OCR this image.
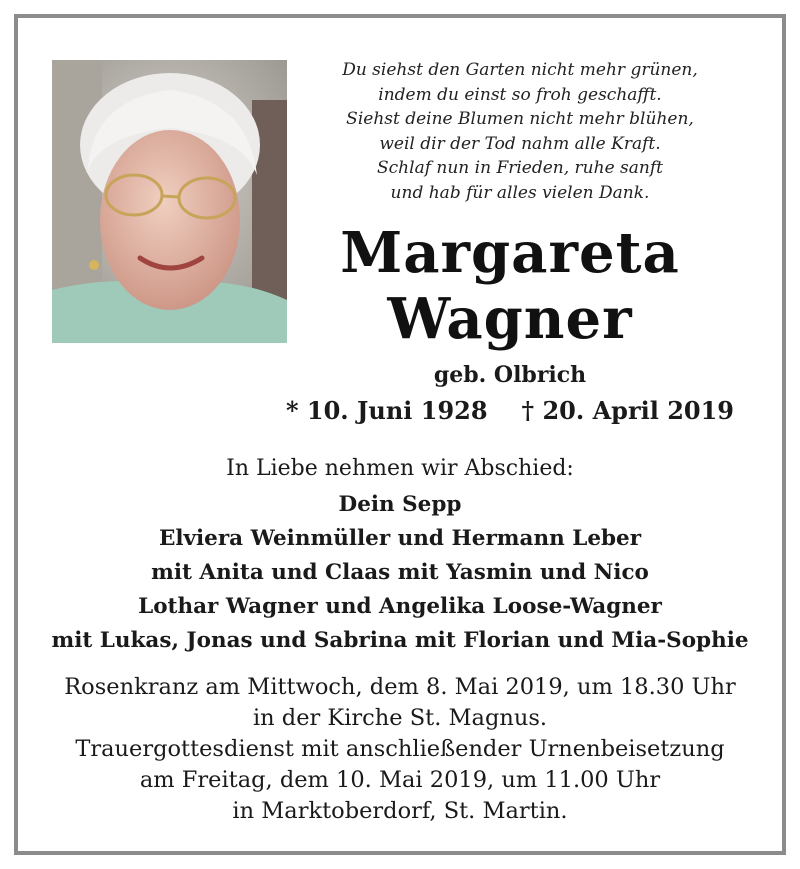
Du siehst den Garten nicht mehr grünen,
indem du einst so froh geschafft.
Siehst deine Blumen nicht mehr blühen,
weil dir der Tod nahm alle Kraft.
Schlaf nun in Frieden, ruhe sanft
und hab für alles vielen Dank.
Margareta
Wagner
geb. Olbrich
* 10. Juni 1928 † 20. April 2019
In Liebe nehmen wir Abschied:
Dein Sepp
Elviera Weinmüller und Hermann Leber
mit Anita und Claas mit Yasmin und Nico
Lothar Wagner und Angelika Loose-Wagner
mit Lukas, Jonas und Sabrina mit Florian und Mia-Sophie
Rosenkranz am Mittwoch, dem 8. Mai 2019, um 18.30 Uhr
in der Kirche St. Magnus.
Trauergottesdienst mit anschließender Urnenbeisetzung
am Freitag, dem 10. Mai 2019, um 11.00 Uhr
in Marktoberdorf, St. Martin.
